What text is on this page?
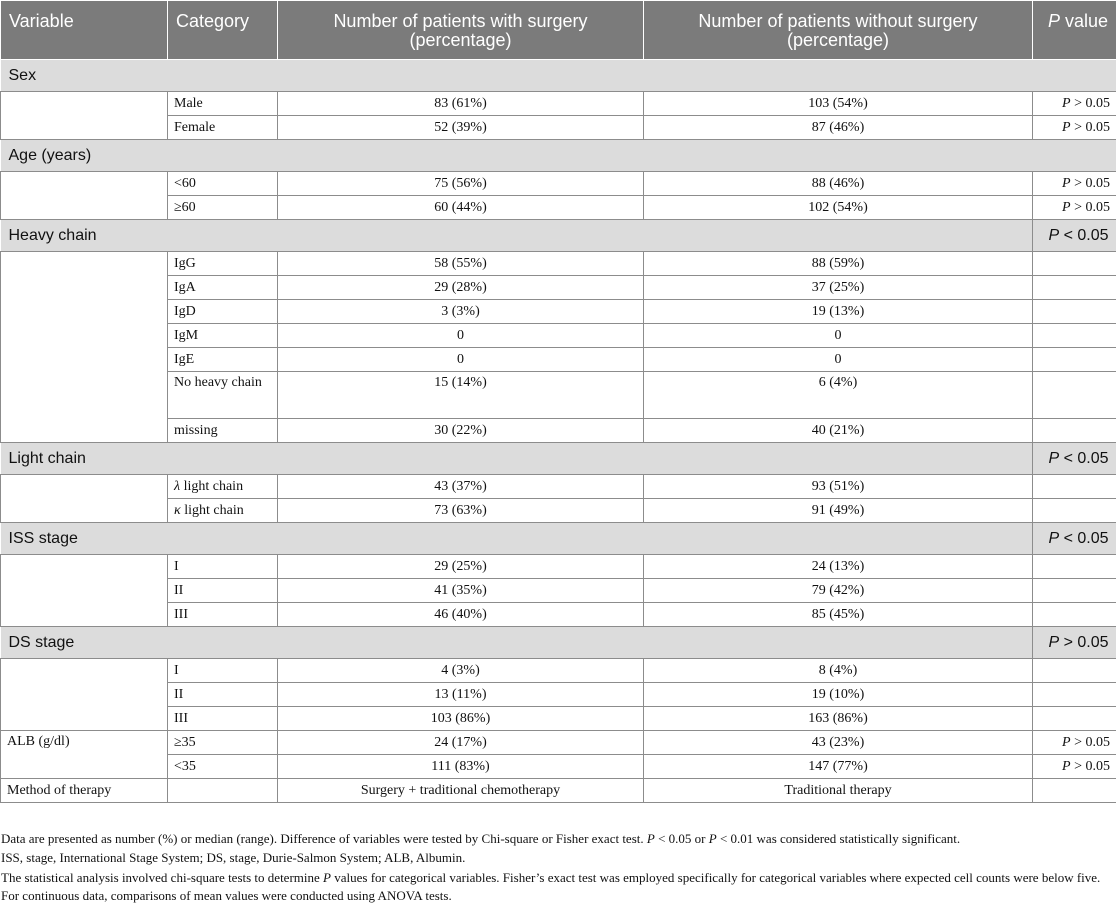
Variable	Category	Number of patients with surgery (percentage)	Number of patients without surgery (percentage)	P value
Sex				
	Male	83 (61%)	103 (54%)	P > 0.05
	Female	52 (39%)	87 (46%)	P > 0.05
Age (years)				
	<60	75 (56%)	88 (46%)	P > 0.05
	≥60	60 (44%)	102 (54%)	P > 0.05
Heavy chain				P < 0.05
	IgG	58 (55%)	88 (59%)	
	IgA	29 (28%)	37 (25%)	
	IgD	3 (3%)	19 (13%)	
	IgM	0	0	
	IgE	0	0	
	No heavy chain	15 (14%)	6 (4%)	
	missing	30 (22%)	40 (21%)	
Light chain				P < 0.05
	λ light chain	43 (37%)	93 (51%)	
	κ light chain	73 (63%)	91 (49%)	
ISS stage				P < 0.05
	I	29 (25%)	24 (13%)	
	II	41 (35%)	79 (42%)	
	III	46 (40%)	85 (45%)	
DS stage				P > 0.05
	I	4 (3%)	8 (4%)	
	II	13 (11%)	19 (10%)	
	III	103 (86%)	163 (86%)	
ALB (g/dl)	≥35	24 (17%)	43 (23%)	P > 0.05
	<35	111 (83%)	147 (77%)	P > 0.05
Method of therapy		Surgery + traditional chemotherapy	Traditional therapy	
Data are presented as number (%) or median (range). Difference of variables were tested by Chi-square or Fisher exact test. P < 0.05 or P < 0.01 was considered statistically significant.
ISS, stage, International Stage System; DS, stage, Durie-Salmon System; ALB, Albumin.
The statistical analysis involved chi-square tests to determine P values for categorical variables. Fisher’s exact test was employed specifically for categorical variables where expected cell counts were below five. For continuous data, comparisons of mean values were conducted using ANOVA tests.
